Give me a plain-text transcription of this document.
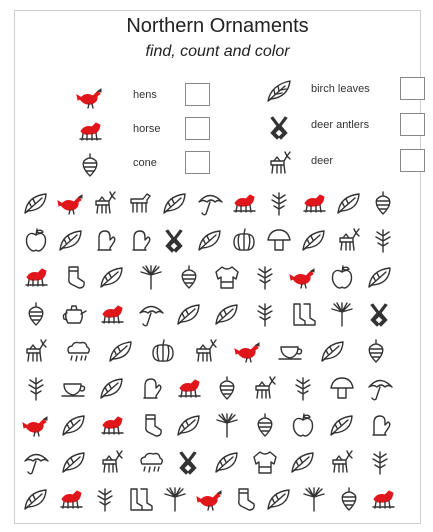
Northern Ornaments
find, count and color
hens	birch leaves
horse	deer antlers
cone	deer
